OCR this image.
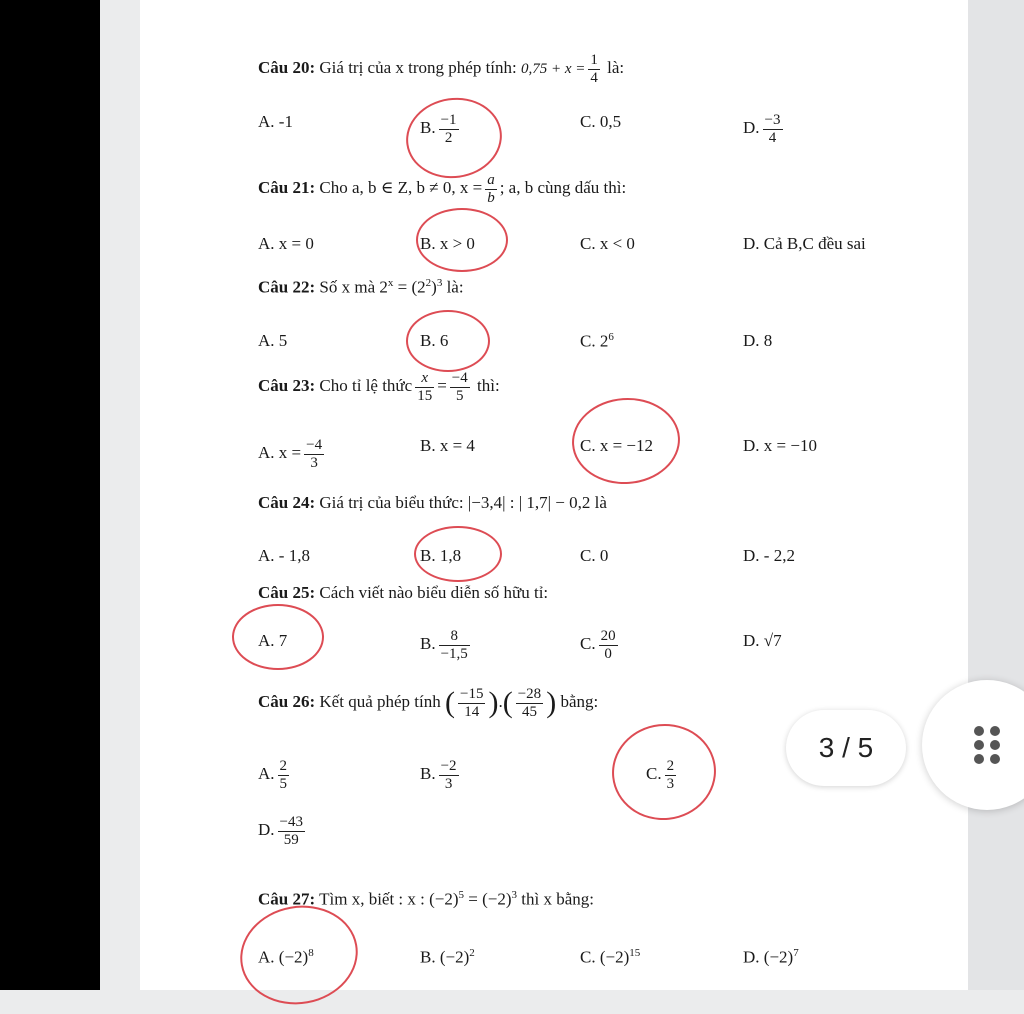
Câu 20: Giá trị của x trong phép tính: $0,75 + x = \frac{1}{4}$ là:
A. -1	B. $\frac{-1}{2}$	C. 0,5	D. $\frac{-3}{4}$
Câu 21: Cho a, b ∈ Z, b ≠ 0, $x = \frac{a}{b}$ ; a, b cùng dấu thì:
A. x = 0	B. x > 0	C. x < 0	D. Cả B,C đều sai
Câu 22: Số x mà $2^x = (2^2)^3$ là:
A. 5	B. 6	C. $2^6$	D. 8
Câu 23: Cho tỉ lệ thức $\frac{x}{15} = \frac{-4}{5}$ thì:
A. $x = \frac{-4}{3}$	B. x = 4	C. x = −12	D. x = −10
Câu 24: Giá trị của biểu thức: |−3,4| : | 1,7| − 0,2 là
A. - 1,8	B. 1,8	C. 0	D. - 2,2
Câu 25: Cách viết nào biểu diễn số hữu tỉ:
A. 7	B. $\frac{8}{-1,5}$	C. $\frac{20}{0}$	D. √7
Câu 26: Kết quả phép tính ( $\frac{-15}{14}$ ).( $\frac{-28}{45}$ ) bằng:
A. $\frac{2}{5}$	B. $\frac{-2}{3}$	C. $\frac{2}{3}$
D. $\frac{-43}{59}$
Câu 27: Tìm x, biết : x : $(-2)^5 = (-2)^3$ thì x bằng:
A. $(-2)^8$	B. $(-2)^2$	C. $(-2)^{15}$	D. $(-2)^7$
3 / 5
